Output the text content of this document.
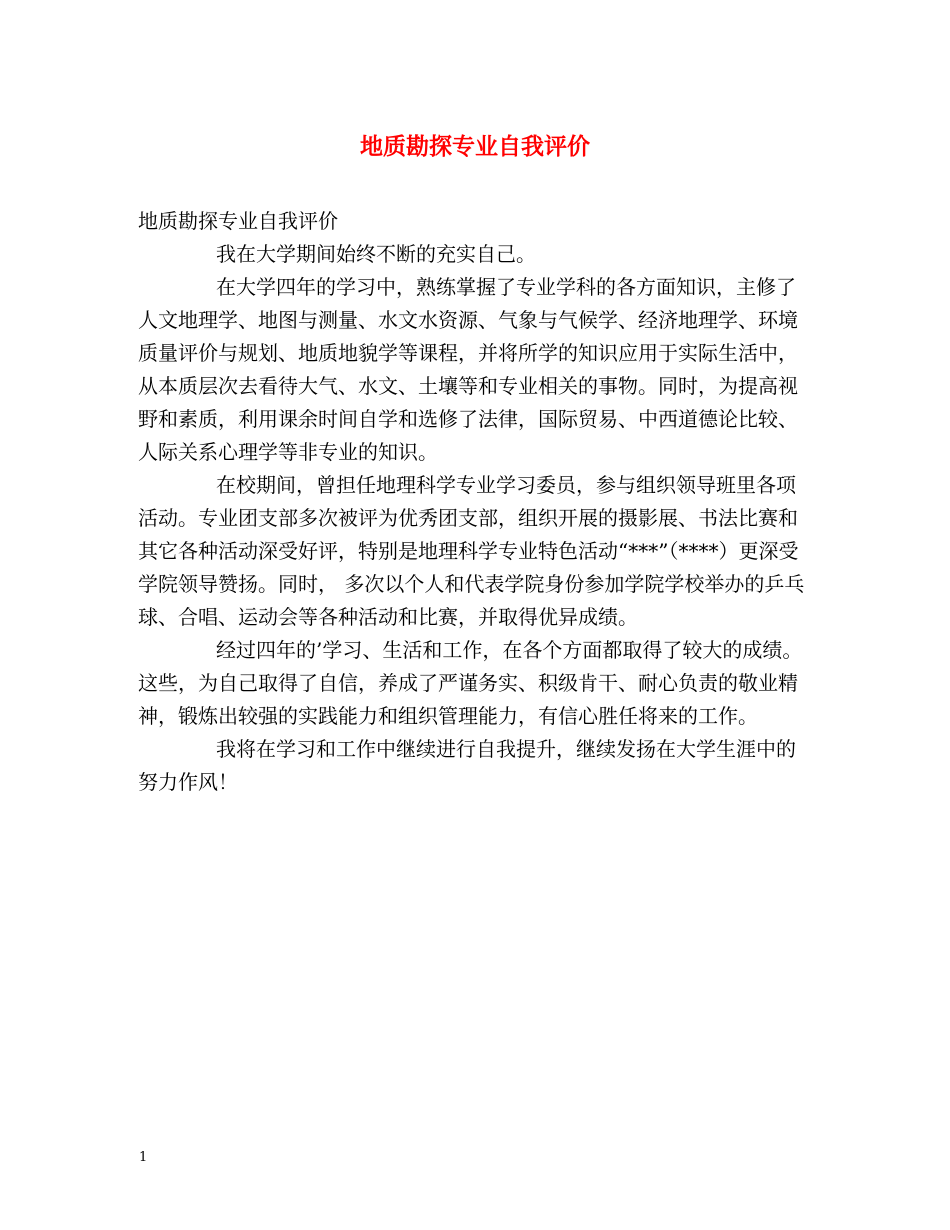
地质勘探专业自我评价

地质勘探专业自我评价

我在大学期间始终不断的充实自己。

在大学四年的学习中，熟练掌握了专业学科的各方面知识，主修了人文地理学、地图与测量、水文水资源、气象与气候学、经济地理学、环境质量评价与规划、地质地貌学等课程，并将所学的知识应用于实际生活中，从本质层次去看待大气、水文、土壤等和专业相关的事物。同时，为提高视野和素质，利用课余时间自学和选修了法律，国际贸易、中西道德论比较、人际关系心理学等非专业的知识。

在校期间，曾担任地理科学专业学习委员，参与组织领导班里各项活动。专业团支部多次被评为优秀团支部，组织开展的摄影展、书法比赛和其它各种活动深受好评，特别是地理科学专业特色活动“***”（****）更深受学院领导赞扬。同时， 多次以个人和代表学院身份参加学院学校举办的乒乓球、合唱、运动会等各种活动和比赛，并取得优异成绩。

经过四年的’学习、生活和工作，在各个方面都取得了较大的成绩。这些，为自己取得了自信，养成了严谨务实、积级肯干、耐心负责的敬业精神，锻炼出较强的实践能力和组织管理能力，有信心胜任将来的工作。

我将在学习和工作中继续进行自我提升，继续发扬在大学生涯中的努力作风！

1
